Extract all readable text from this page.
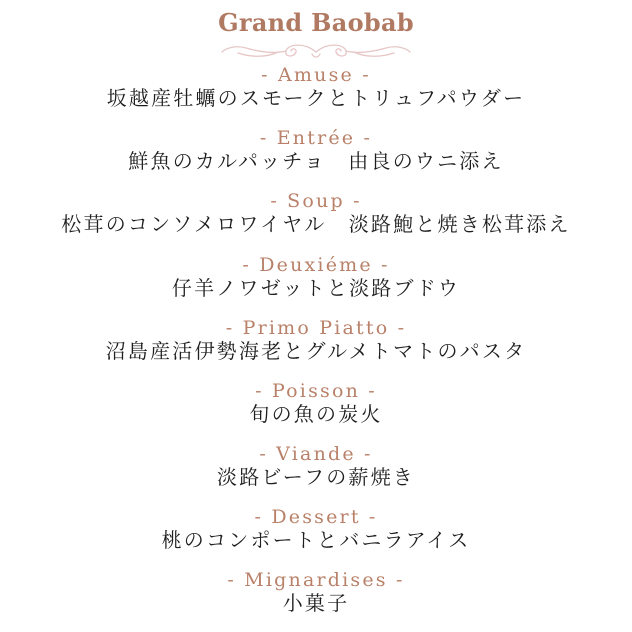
Grand Baobab
- Amuse -
坂越産牡蠣のスモークとトリュフパウダー
- Entrée -
鮮魚のカルパッチョ　由良のウニ添え
- Soup -
松茸のコンソメロワイヤル　淡路鮑と焼き松茸添え
- Deuxiéme -
仔羊ノワゼットと淡路ブドウ
- Primo Piatto -
沼島産活伊勢海老とグルメトマトのパスタ
- Poisson -
旬の魚の炭火
- Viande -
淡路ビーフの薪焼き
- Dessert -
桃のコンポートとバニラアイス
- Mignardises -
小菓子
